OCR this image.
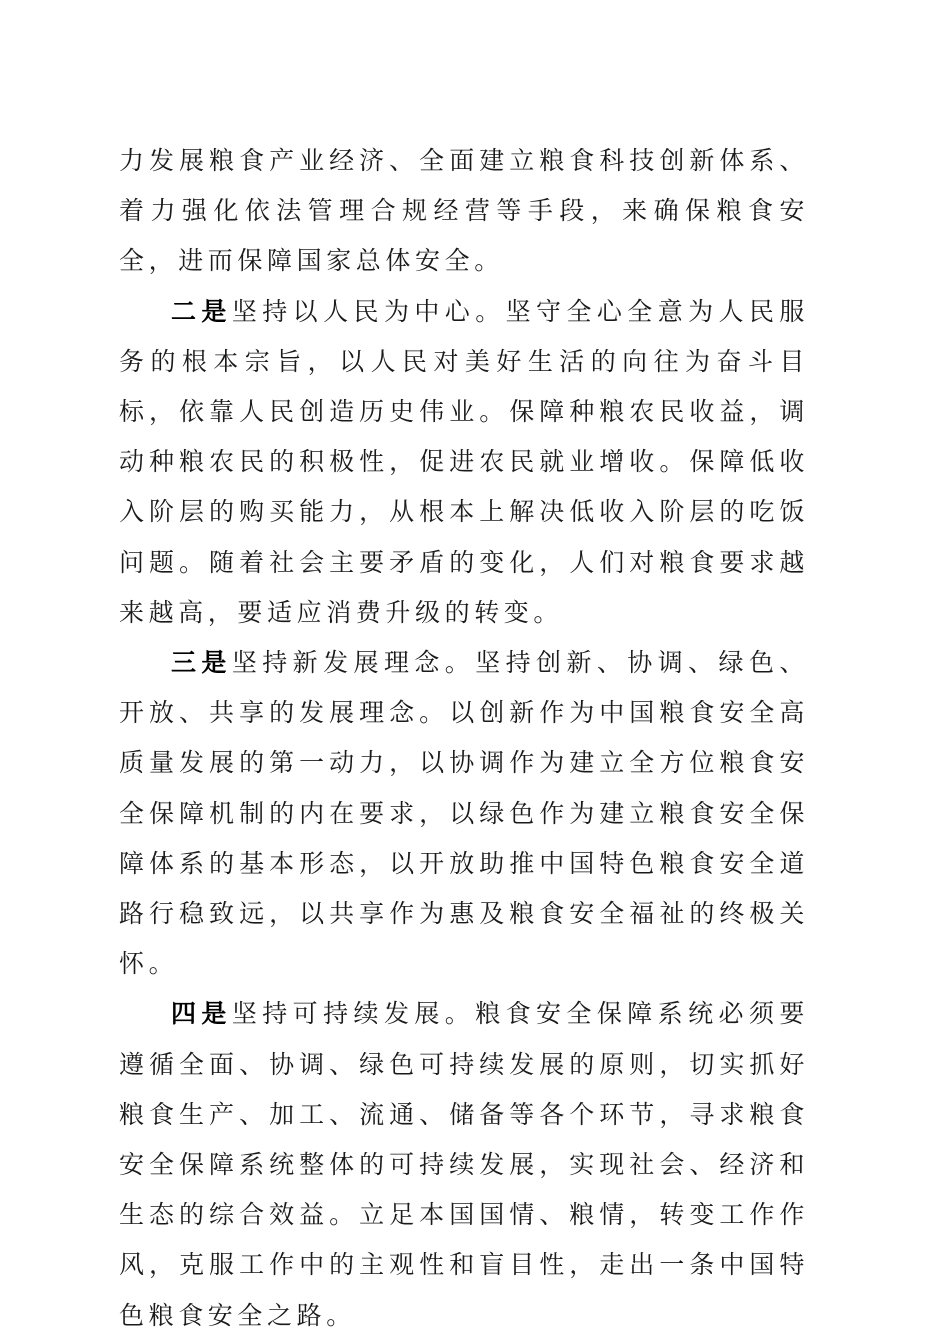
力发展粮食产业经济、全面建立粮食科技创新体系、着力强化依法管理合规经营等手段，来确保粮食安全，进而保障国家总体安全。

二是坚持以人民为中心。坚守全心全意为人民服务的根本宗旨，以人民对美好生活的向往为奋斗目标，依靠人民创造历史伟业。保障种粮农民收益，调动种粮农民的积极性，促进农民就业增收。保障低收入阶层的购买能力，从根本上解决低收入阶层的吃饭问题。随着社会主要矛盾的变化，人们对粮食要求越来越高，要适应消费升级的转变。

三是坚持新发展理念。坚持创新、协调、绿色、开放、共享的发展理念。以创新作为中国粮食安全高质量发展的第一动力，以协调作为建立全方位粮食安全保障机制的内在要求，以绿色作为建立粮食安全保障体系的基本形态，以开放助推中国特色粮食安全道路行稳致远，以共享作为惠及粮食安全福祉的终极关怀。

四是坚持可持续发展。粮食安全保障系统必须要遵循全面、协调、绿色可持续发展的原则，切实抓好粮食生产、加工、流通、储备等各个环节，寻求粮食安全保障系统整体的可持续发展，实现社会、经济和生态的综合效益。立足本国国情、粮情，转变工作作风，克服工作中的主观性和盲目性，走出一条中国特色粮食安全之路。
